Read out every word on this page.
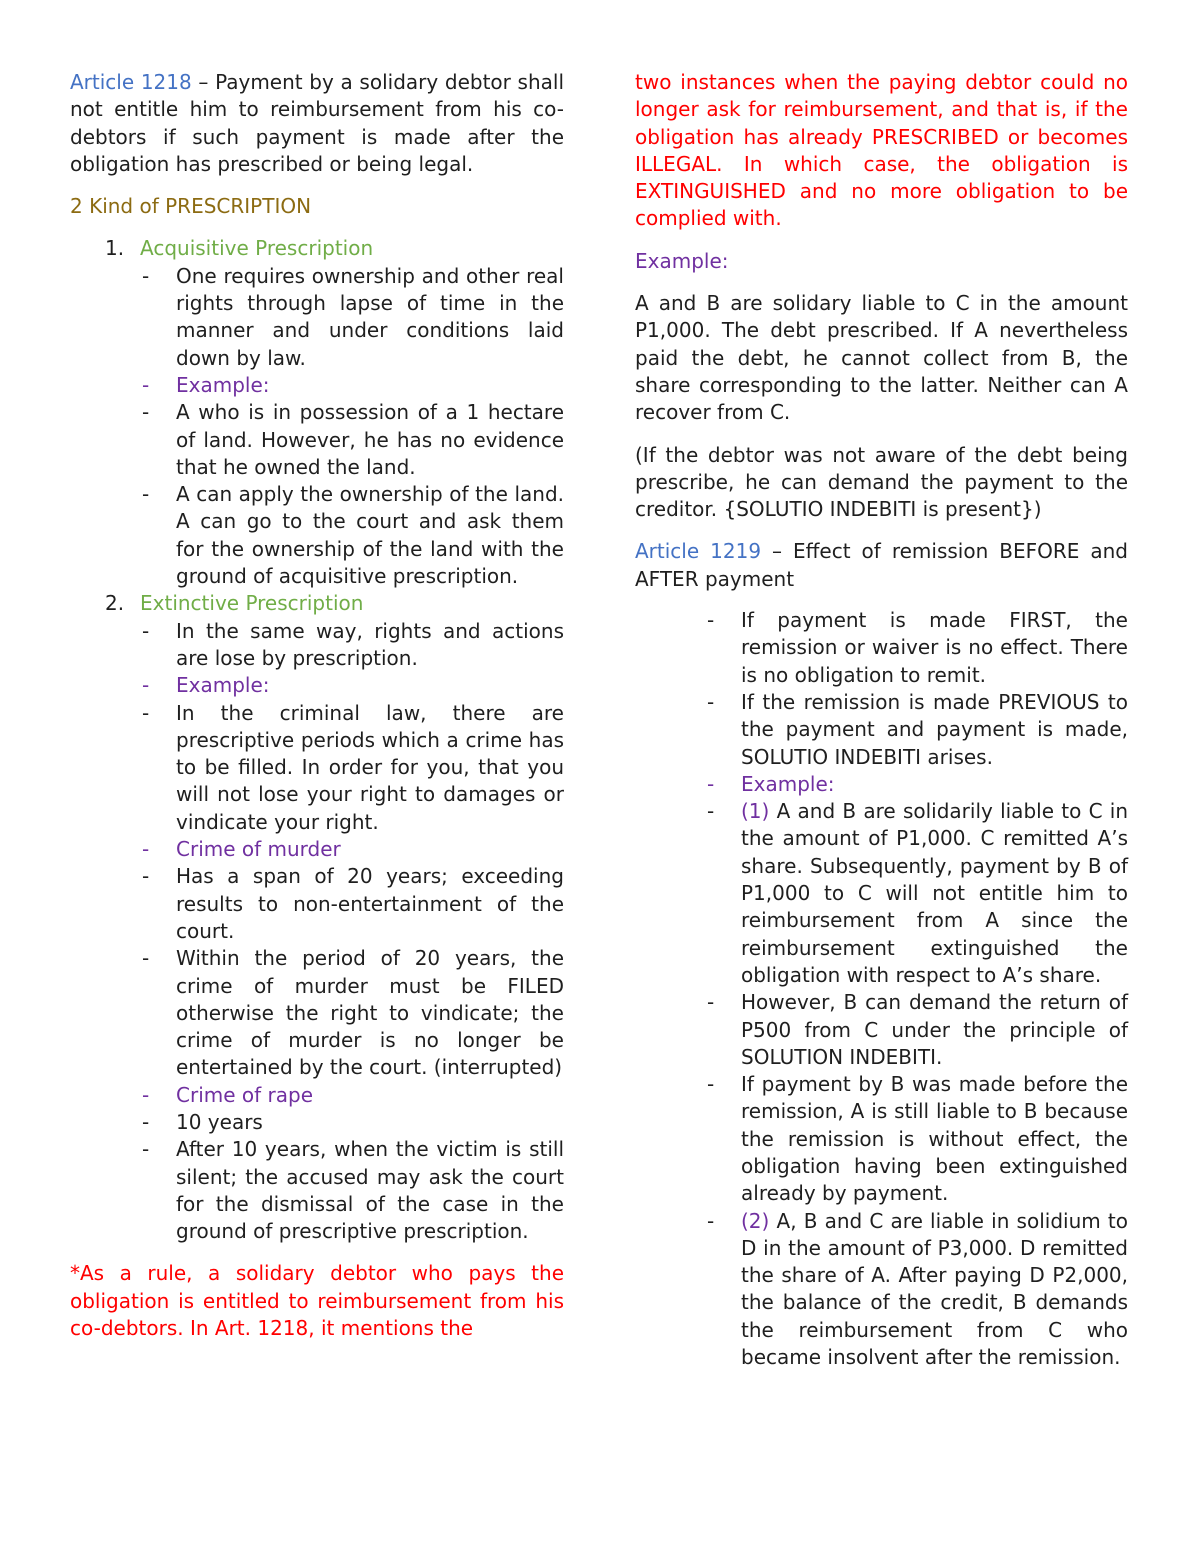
Article 1218 – Payment by a solidary debtor shall not entitle him to reimbursement from his co-debtors if such payment is made after the obligation has prescribed or being legal.

2 Kind of PRESCRIPTION

1. Acquisitive Prescription
- One requires ownership and other real rights through lapse of time in the manner and under conditions laid down by law.
- Example:
- A who is in possession of a 1 hectare of land. However, he has no evidence that he owned the land.
- A can apply the ownership of the land. A can go to the court and ask them for the ownership of the land with the ground of acquisitive prescription.
2. Extinctive Prescription
- In the same way, rights and actions are lose by prescription.
- Example:
- In the criminal law, there are prescriptive periods which a crime has to be filled. In order for you, that you will not lose your right to damages or vindicate your right.
- Crime of murder
- Has a span of 20 years; exceeding results to non-entertainment of the court.
- Within the period of 20 years, the crime of murder must be FILED otherwise the right to vindicate; the crime of murder is no longer be entertained by the court. (interrupted)
- Crime of rape
- 10 years
- After 10 years, when the victim is still silent; the accused may ask the court for the dismissal of the case in the ground of prescriptive prescription.

*As a rule, a solidary debtor who pays the obligation is entitled to reimbursement from his co-debtors. In Art. 1218, it mentions the

two instances when the paying debtor could no longer ask for reimbursement, and that is, if the obligation has already PRESCRIBED or becomes ILLEGAL. In which case, the obligation is EXTINGUISHED and no more obligation to be complied with.

Example:

A and B are solidary liable to C in the amount P1,000. The debt prescribed. If A nevertheless paid the debt, he cannot collect from B, the share corresponding to the latter. Neither can A recover from C.

(If the debtor was not aware of the debt being prescribe, he can demand the payment to the creditor. {SOLUTIO INDEBITI is present})

Article 1219 – Effect of remission BEFORE and AFTER payment

- If payment is made FIRST, the remission or waiver is no effect. There is no obligation to remit.
- If the remission is made PREVIOUS to the payment and payment is made, SOLUTIO INDEBITI arises.
- Example:
- (1) A and B are solidarily liable to C in the amount of P1,000. C remitted A’s share. Subsequently, payment by B of P1,000 to C will not entitle him to reimbursement from A since the reimbursement extinguished the obligation with respect to A’s share.
- However, B can demand the return of P500 from C under the principle of SOLUTION INDEBITI.
- If payment by B was made before the remission, A is still liable to B because the remission is without effect, the obligation having been extinguished already by payment.
- (2) A, B and C are liable in solidium to D in the amount of P3,000. D remitted the share of A. After paying D P2,000, the balance of the credit, B demands the reimbursement from C who became insolvent after the remission.
